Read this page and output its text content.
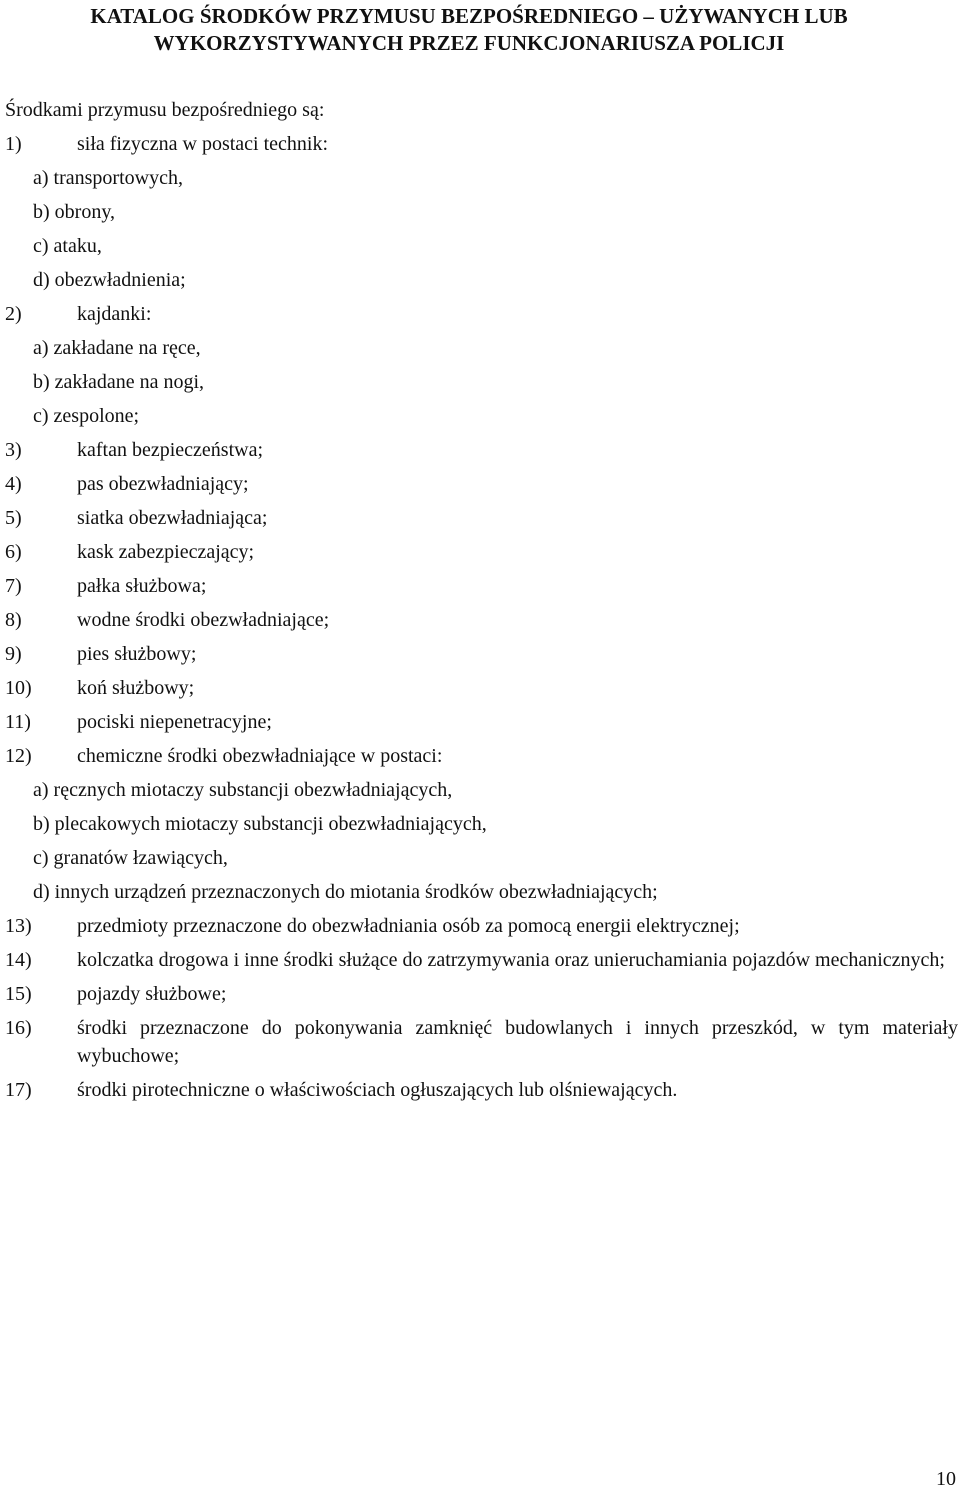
KATALOG ŚRODKÓW PRZYMUSU BEZPOŚREDNIEGO – UŻYWANYCH LUB
WYKORZYSTYWANYCH PRZEZ FUNKCJONARIUSZA POLICJI
Środkami przymusu bezpośredniego są:
1)	siła fizyczna w postaci technik:
a) transportowych,
b) obrony,
c) ataku,
d) obezwładnienia;
2)	kajdanki:
a) zakładane na ręce,
b) zakładane na nogi,
c) zespolone;
3)	kaftan bezpieczeństwa;
4)	pas obezwładniający;
5)	siatka obezwładniająca;
6)	kask zabezpieczający;
7)	pałka służbowa;
8)	wodne środki obezwładniające;
9)	pies służbowy;
10)	koń służbowy;
11)	pociski niepenetracyjne;
12)	chemiczne środki obezwładniające w postaci:
a) ręcznych miotaczy substancji obezwładniających,
b) plecakowych miotaczy substancji obezwładniających,
c) granatów łzawiących,
d) innych urządzeń przeznaczonych do miotania środków obezwładniających;
13)	przedmioty przeznaczone do obezwładniania osób za pomocą energii elektrycznej;
14)	kolczatka drogowa i inne środki służące do zatrzymywania oraz unieruchamiania pojazdów mechanicznych;
15)	pojazdy służbowe;
16)	środki przeznaczone do pokonywania zamknięć budowlanych i innych przeszkód, w tym materiały wybuchowe;
17)	środki pirotechniczne o właściwościach ogłuszających lub olśniewających.
10
